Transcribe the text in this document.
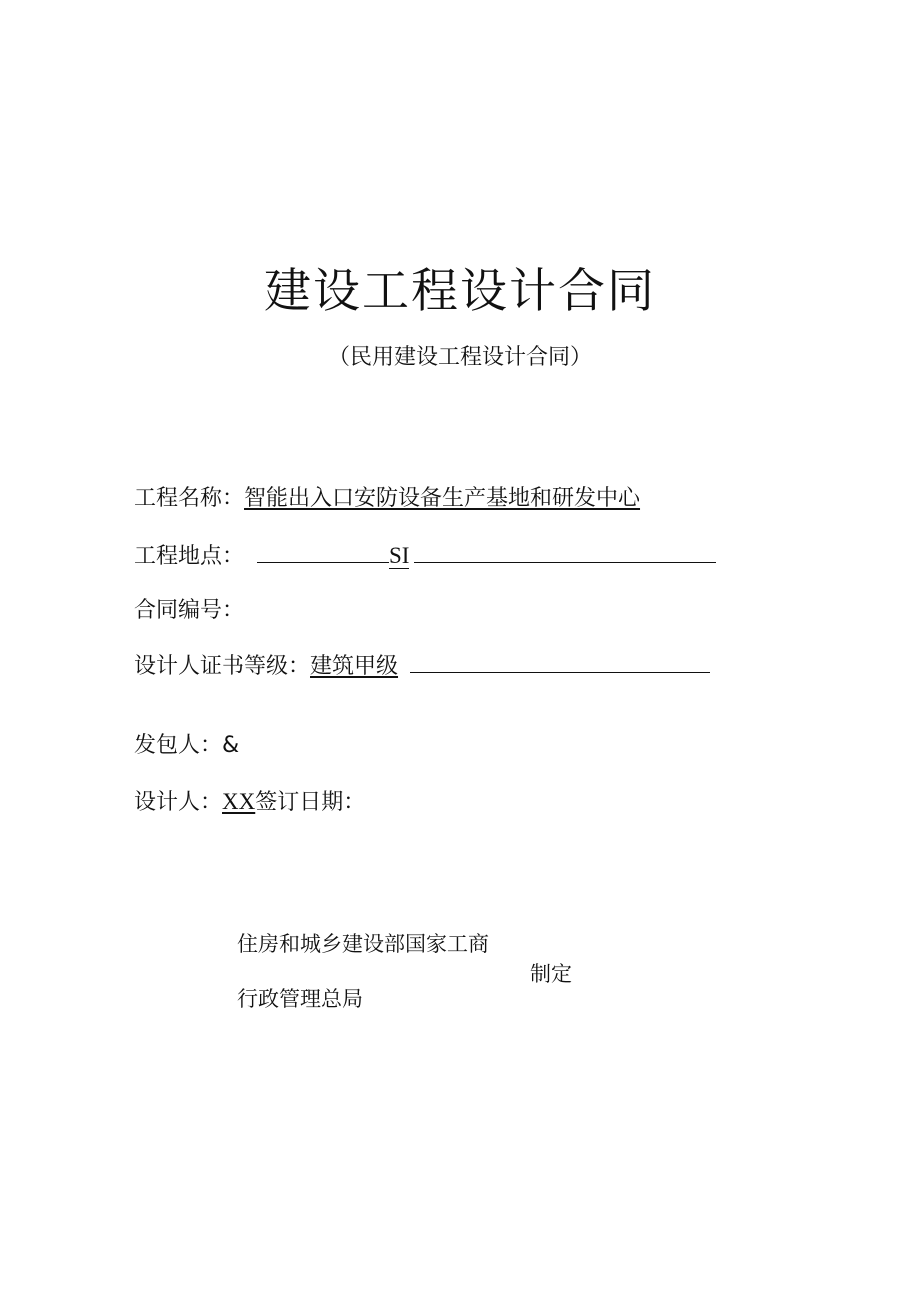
建设工程设计合同
（民用建设工程设计合同）
工程名称：智能出入口安防设备生产基地和研发中心
工程地点：	SI
合同编号：
设计人证书等级：建筑甲级
发包人：&
设计人：XX签订日期：
住房和城乡建设部国家工商
制定
行政管理总局
